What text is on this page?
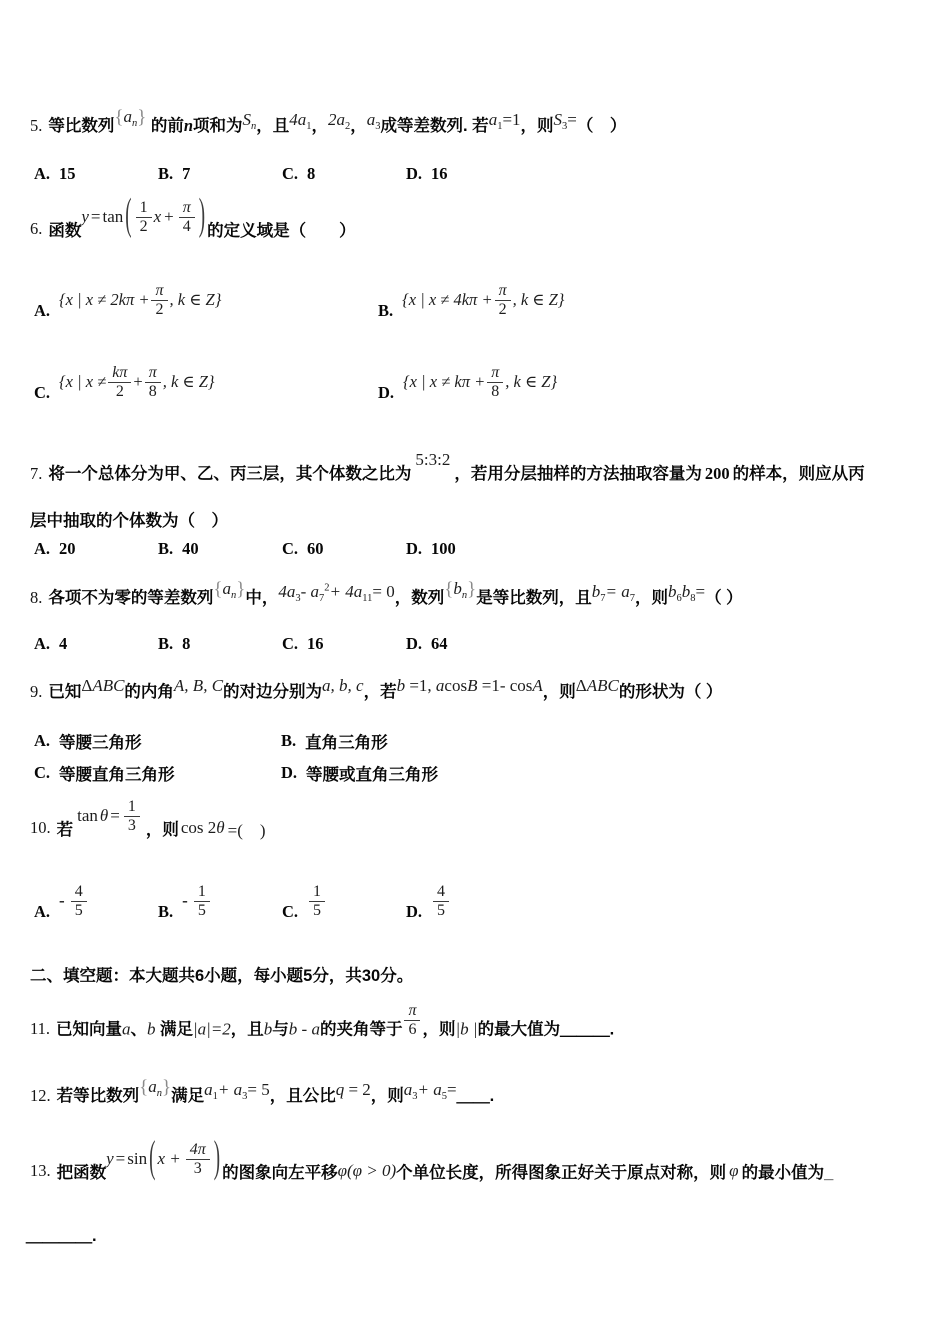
5. 等比数列$\{a_n\}$ 的前n项和为$S_n$，且$4a_1$，$2a_2$，$a_3$成等差数列. 若$a_1=1$，则$S_3=$（　）
A. 15	B. 7	C. 8	D. 16
6. 函数
y = tan ( $\frac{1}{2}$ $x + \frac{\pi}{4}$ ) 的定义域是（　　）
A.
{x | $x \ne 2k\pi + \frac{\pi}{2}$ , k ∈ Z}
B.
{x | $x \ne 4k\pi + \frac{\pi}{2}$ , k ∈ Z}
C.
{x | $x \ne \frac{k\pi}{2} + \frac{\pi}{8}$ , k ∈ Z}
D.
{x | $x \ne k\pi + \frac{\pi}{8}$ , k ∈ Z}
7. 将一个总体分为甲、乙、丙三层，其个体数之比为5:3:2，若用分层抽样的方法抽取容量为 200 的样本，则应从丙
层中抽取的个体数为（　）
A. 20	B. 40	C. 60	D. 100
8. 各项不为零的等差数列$\{a_n\}$中，$4a_3-$ $a_7^2+ 4a_{11}= 0$，数列$\{b_n\}$是等比数列，且$b_7= a_7$，则$b_6b_8=$（ ）
A. 4	B. 8	C. 16	D. 64
9. 已知ΔABC的内角A, B, C的对边分别为a, b, c，若b =1, acosB =1- cosA，则ΔABC的形状为（ ）
A. 等腰三角形	B. 直角三角形
C. 等腰直角三角形	D. 等腰或直角三角形
10. 若
$\tan \theta = \frac{1}{3}$ ，则 cos 2 θ =(　)
A.
- $\frac{4}{5}$	B.
- $\frac{1}{5}$	C. $\frac{1}{5}$	D. $\frac{4}{5}$
二、填空题：本大题共6小题，每小题5分，共30分。
11. 已知向量a、b 满足|a|=2，且b与b - a的夹角等于 $\frac{\pi}{6}$ ，则|b |的最大值为＿＿＿.
12. 若等比数列$\{a_n\}$满足$a_1+ a_3= 5$，且公比q = 2，则$a_3+$ $a_5=\_\_$.
13. 把函数
y = sin ( $x + \frac{4\pi}{3}$ ) 的图象向左平移 φ(φ > 0) 个单位长度，所得图象正好关于原点对称，则 φ 的最小值为_
＿＿＿＿.
